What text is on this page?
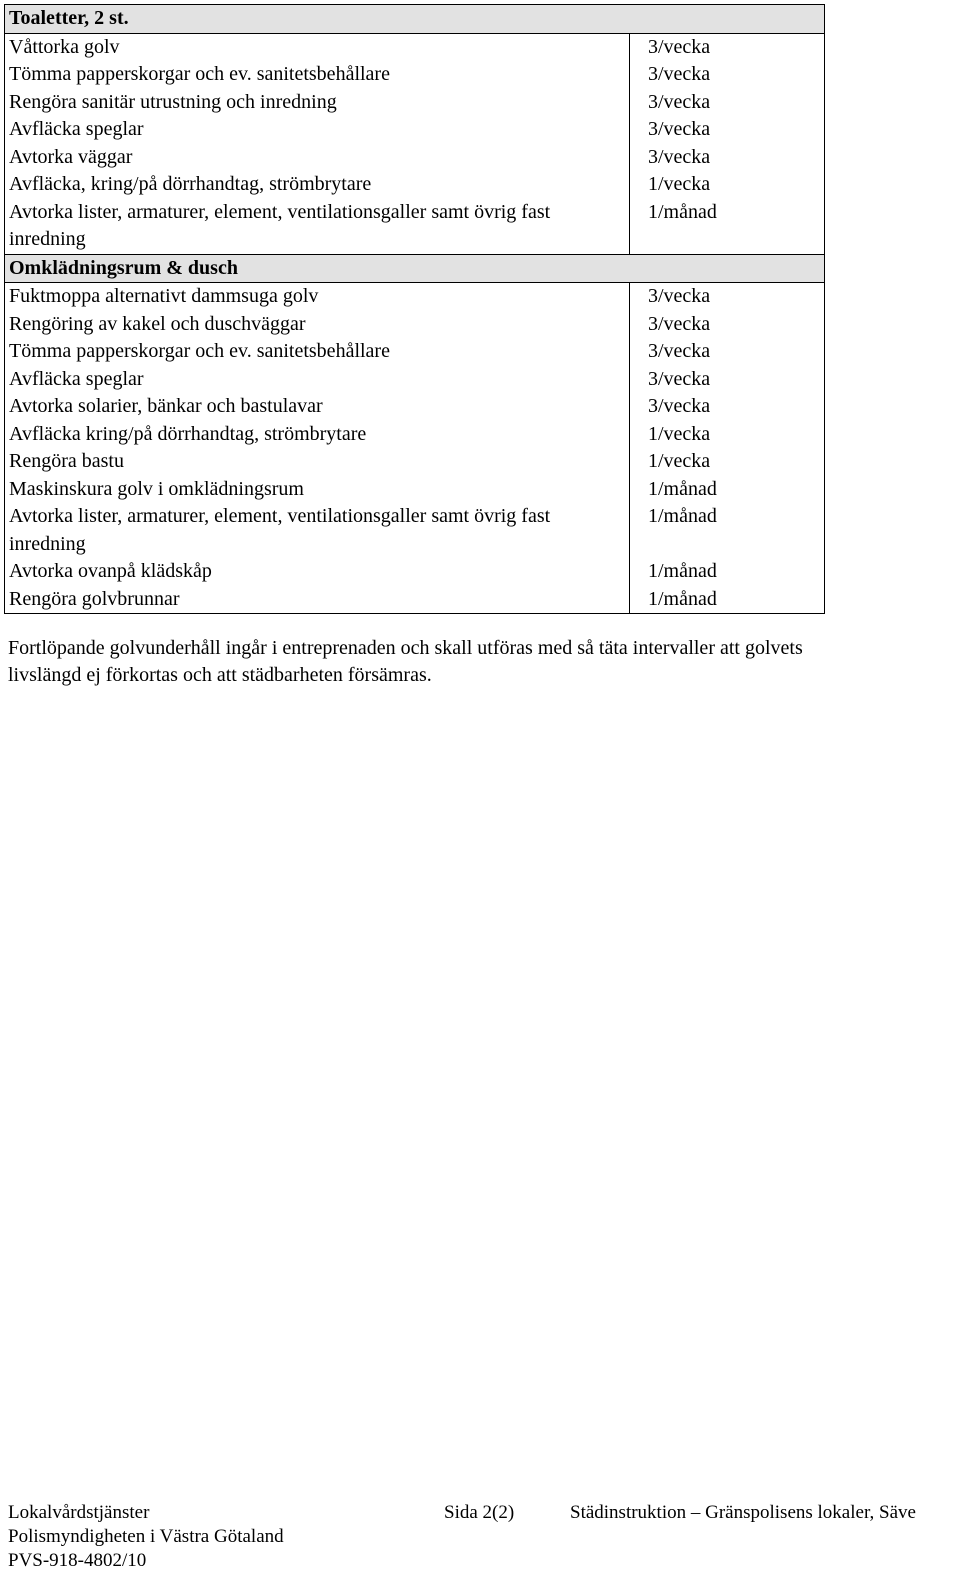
Toaletter, 2 st.	
Våttorka golv	3/vecka
Tömma papperskorgar och ev. sanitetsbehållare	3/vecka
Rengöra sanitär utrustning och inredning	3/vecka
Avfläcka speglar	3/vecka
Avtorka väggar	3/vecka
Avfläcka, kring/på dörrhandtag, strömbrytare	1/vecka
Avtorka lister, armaturer, element, ventilationsgaller samt övrig fast inredning	1/månad
Omklädningsrum & dusch	
Fuktmoppa alternativt dammsuga golv	3/vecka
Rengöring av kakel och duschväggar	3/vecka
Tömma papperskorgar och ev. sanitetsbehållare	3/vecka
Avfläcka speglar	3/vecka
Avtorka solarier, bänkar och bastulavar	3/vecka
Avfläcka kring/på dörrhandtag, strömbrytare	1/vecka
Rengöra bastu	1/vecka
Maskinskura golv i omklädningsrum	1/månad
Avtorka lister, armaturer, element, ventilationsgaller samt övrig fast inredning	1/månad
Avtorka ovanpå klädskåp	1/månad
Rengöra golvbrunnar	1/månad
Fortlöpande golvunderhåll ingår i entreprenaden och skall utföras med så täta intervaller att golvets livslängd ej förkortas och att städbarheten försämras.
Lokalvårdstjänster	Sida 2(2)	Städinstruktion – Gränspolisens lokaler, Säve
Polismyndigheten i Västra Götaland
PVS-918-4802/10
